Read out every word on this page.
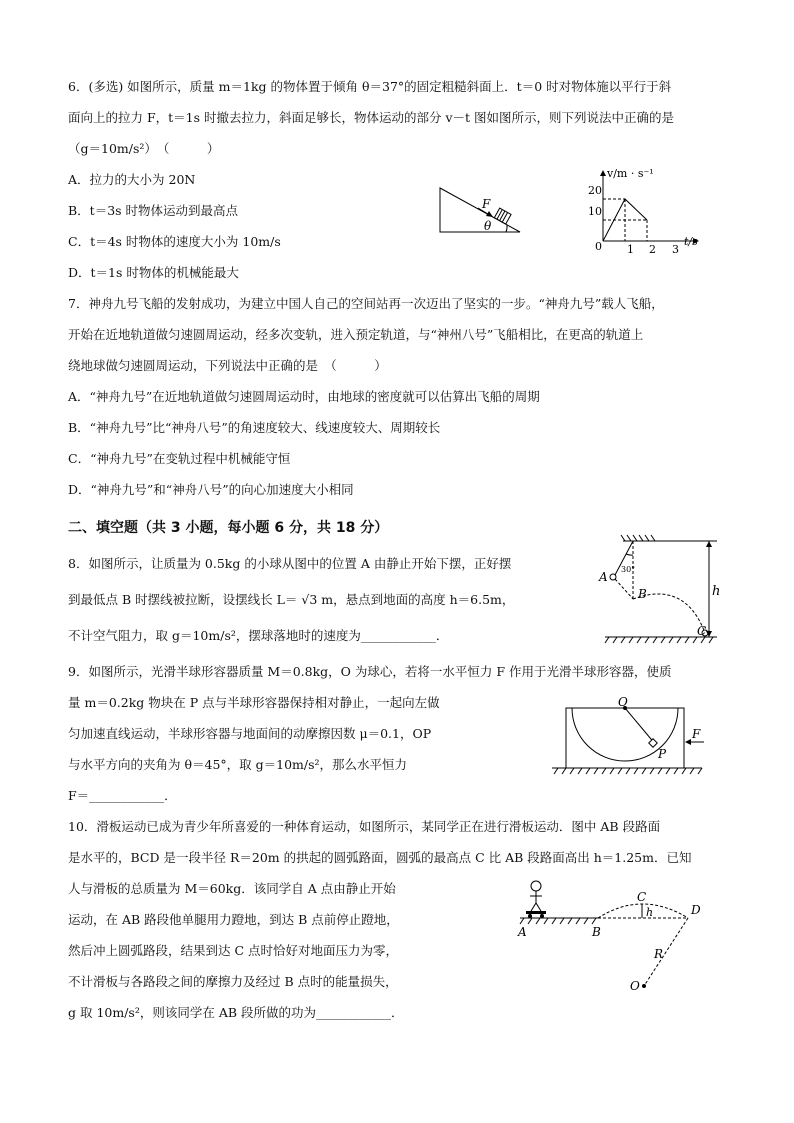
6．(多选) 如图所示，质量 m＝1kg 的物体置于倾角 θ＝37°的固定粗糙斜面上．t＝0 时对物体施以平行于斜
面向上的拉力 F，t＝1s 时撤去拉力，斜面足够长，物体运动的部分 v－t 图如图所示，则下列说法中正确的是
（g＝10m/s²）　（　　　）
A．拉力的大小为 20N
B．t＝3s 时物体运动到最高点
C．t＝4s 时物体的速度大小为 10m/s
D．t＝1s 时物体的机械能最大
F
θ
v/m · s⁻¹
t/s
0
10
20
1 2 3
7．神舟九号飞船的发射成功，为建立中国人自己的空间站再一次迈出了坚实的一步。“神舟九号”载人飞船，
开始在近地轨道做匀速圆周运动，经多次变轨，进入预定轨道，与“神州八号”飞船相比，在更高的轨道上
绕地球做匀速圆周运动，下列说法中正确的是　（　　　）
A．“神舟九号”在近地轨道做匀速圆周运动时，由地球的密度就可以估算出飞船的周期
B．“神舟九号”比“神舟八号”的角速度较大、线速度较大、周期较长
C．“神舟九号”在变轨过程中机械能守恒
D．“神舟九号”和“神舟八号”的向心加速度大小相同
二、填空题（共 3 小题，每小题 6 分，共 18 分）
8．如图所示，让质量为 0.5kg 的小球从图中的位置 A 由静止开始下摆，正好摆
到最低点 B 时摆线被拉断，设摆线长 L＝ √3 m，悬点到地面的高度 h＝6.5m，
不计空气阻力，取 g＝10m/s²，摆球落地时的速度为____________．
30°
A
B
C
h
9．如图所示，光滑半球形容器质量 M＝0.8kg，O 为球心，若将一水平恒力 F 作用于光滑半球形容器，使质
量 m＝0.2kg 物块在 P 点与半球形容器保持相对静止，一起向左做
匀加速直线运动，半球形容器与地面间的动摩擦因数 μ＝0.1，OP
与水平方向的夹角为 θ＝45°，取 g＝10m/s²，那么水平恒力
F＝____________．
O
P
F
10．滑板运动已成为青少年所喜爱的一种体育运动，如图所示，某同学正在进行滑板运动．图中 AB 段路面
是水平的，BCD 是一段半径 R＝20m 的拱起的圆弧路面，圆弧的最高点 C 比 AB 段路面高出 h＝1.25m．已知
人与滑板的总质量为 M＝60kg．该同学自 A 点由静止开始
运动，在 AB 路段他单腿用力蹬地，到达 B 点前停止蹬地，
然后冲上圆弧路段，结果到达 C 点时恰好对地面压力为零，
不计滑板与各路段之间的摩擦力及经过 B 点时的能量损失，
g 取 10m/s²，则该同学在 AB 段所做的功为____________．
A	B
C
h	D
R
O
